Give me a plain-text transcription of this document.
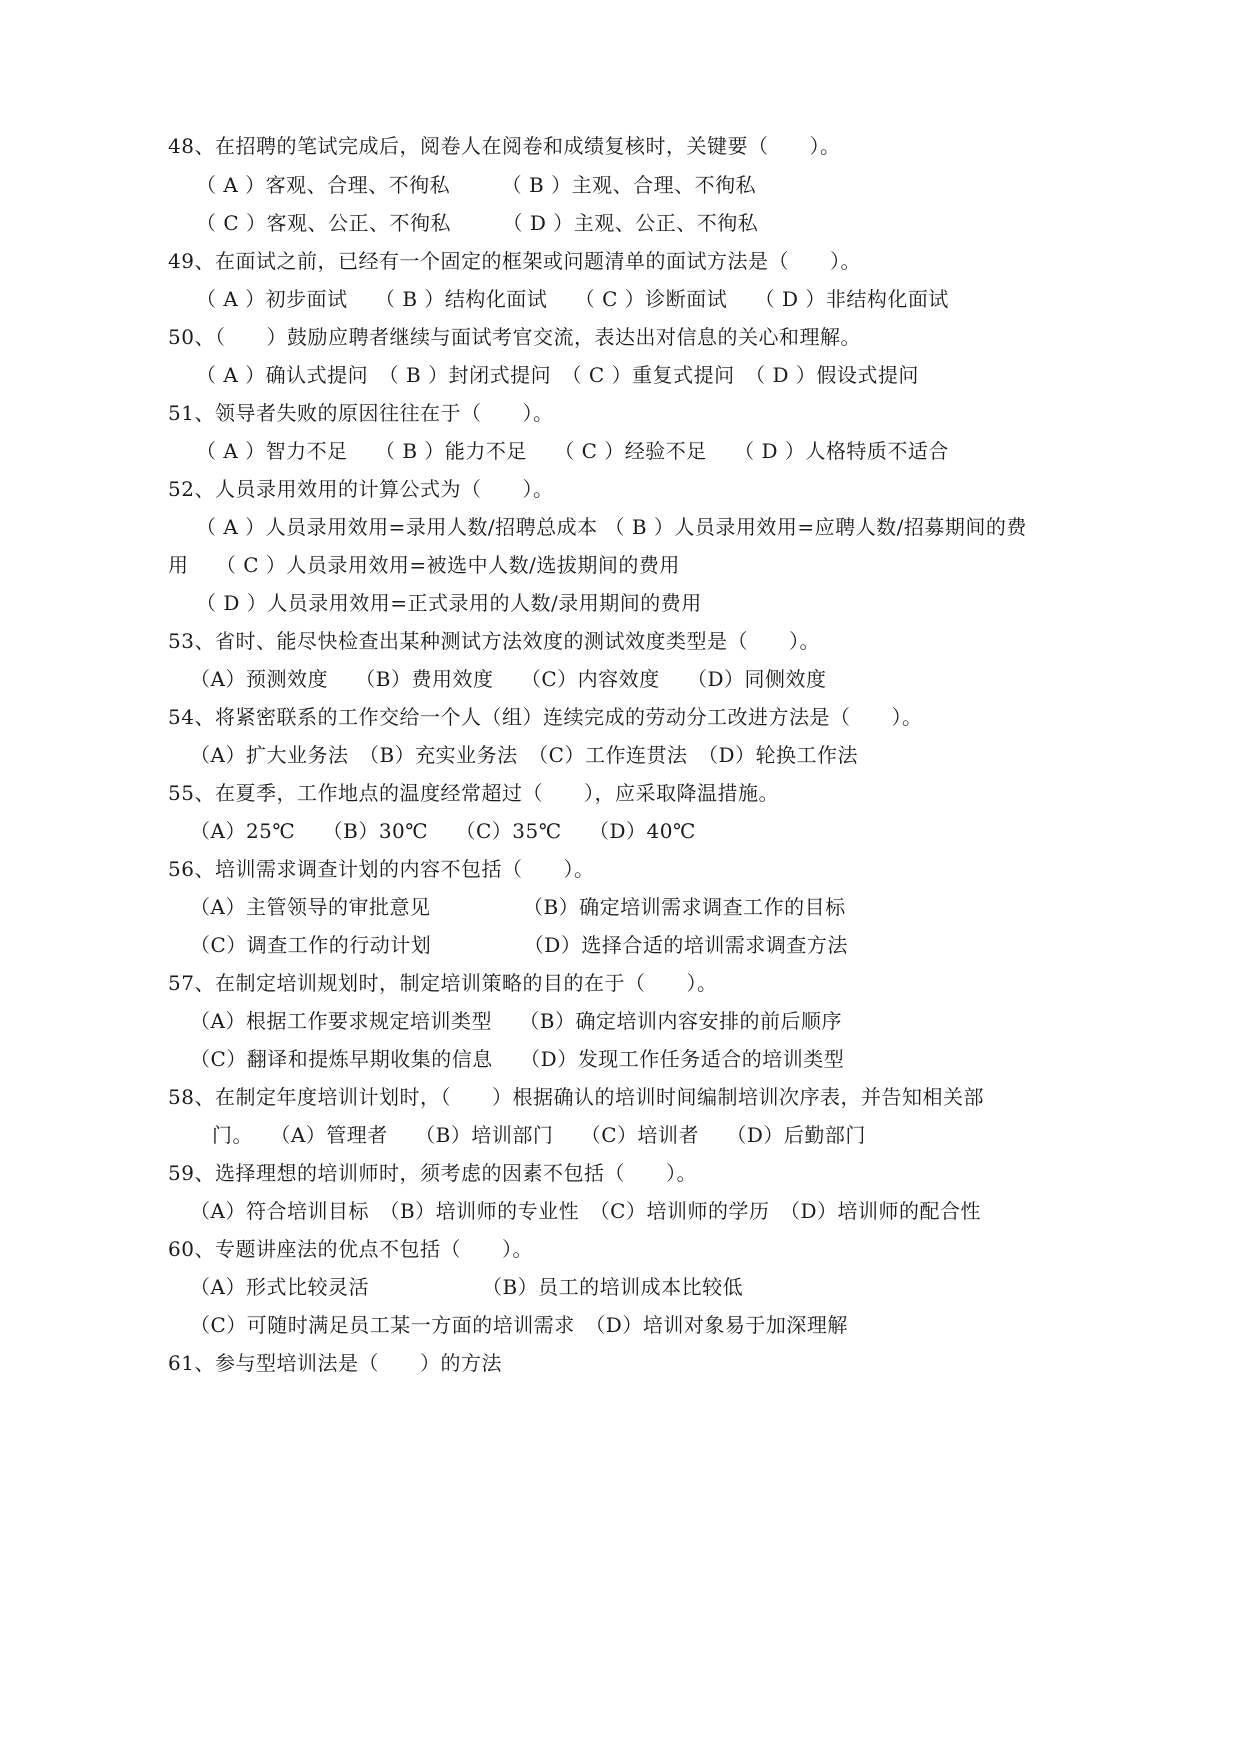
48、在招聘的笔试完成后，阅卷人在阅卷和成绩复核时，关键要（　　）。
（ A ）客观、合理、不徇私　　　（ B ）主观、合理、不徇私
（ C ）客观、公正、不徇私　　　（ D ）主观、公正、不徇私
49、在面试之前，已经有一个固定的框架或问题清单的面试方法是（　　）。
（ A ）初步面试　 （ B ）结构化面试　 （ C ）诊断面试　 （ D ）非结构化面试
50、（　　）鼓励应聘者继续与面试考官交流，表达出对信息的关心和理解。
（ A ）确认式提问　（ B ）封闭式提问　（ C ）重复式提问　（ D ）假设式提问
51、领导者失败的原因往往在于（　　）。
（ A ）智力不足　 （ B ）能力不足　 （ C ）经验不足　 （ D ）人格特质不适合
52、人员录用效用的计算公式为（　　）。
（ A ）人员录用效用=录用人数/招聘总成本 （ B ）人员录用效用=应聘人数/招募期间的费
用　 （ C ）人员录用效用=被选中人数/选拔期间的费用
（ D ）人员录用效用=正式录用的人数/录用期间的费用
53、省时、能尽快检查出某种测试方法效度的测试效度类型是（　　）。
（A）预测效度　 （B）费用效度　 （C）内容效度　 （D）同侧效度
54、将紧密联系的工作交给一个人（组）连续完成的劳动分工改进方法是（　　）。
（A）扩大业务法　（B）充实业务法　（C）工作连贯法　（D）轮换工作法
55、在夏季，工作地点的温度经常超过（　　），应采取降温措施。
（A）25℃　 （B）30℃　 （C）35℃　 （D）40℃
56、培训需求调查计划的内容不包括（　　）。
（A）主管领导的审批意见　　　　　（B）确定培训需求调查工作的目标
（C）调查工作的行动计划　　　　　（D）选择合适的培训需求调查方法
57、在制定培训规划时，制定培训策略的目的在于（　　）。
（A）根据工作要求规定培训类型　 （B）确定培训内容安排的前后顺序
（C）翻译和提炼早期收集的信息　 （D）发现工作任务适合的培训类型
58、在制定年度培训计划时，（　　）根据确认的培训时间编制培训次序表，并告知相关部
门。　 （A）管理者　 （B）培训部门　 （C）培训者　 （D）后勤部门
59、选择理想的培训师时，须考虑的因素不包括（　　）。
（A）符合培训目标　（B）培训师的专业性　（C）培训师的学历　（D）培训师的配合性
60、专题讲座法的优点不包括（　　）。
（A）形式比较灵活　　　　　　（B）员工的培训成本比较低
（C）可随时满足员工某一方面的培训需求　（D）培训对象易于加深理解
61、参与型培训法是（　　）的方法
